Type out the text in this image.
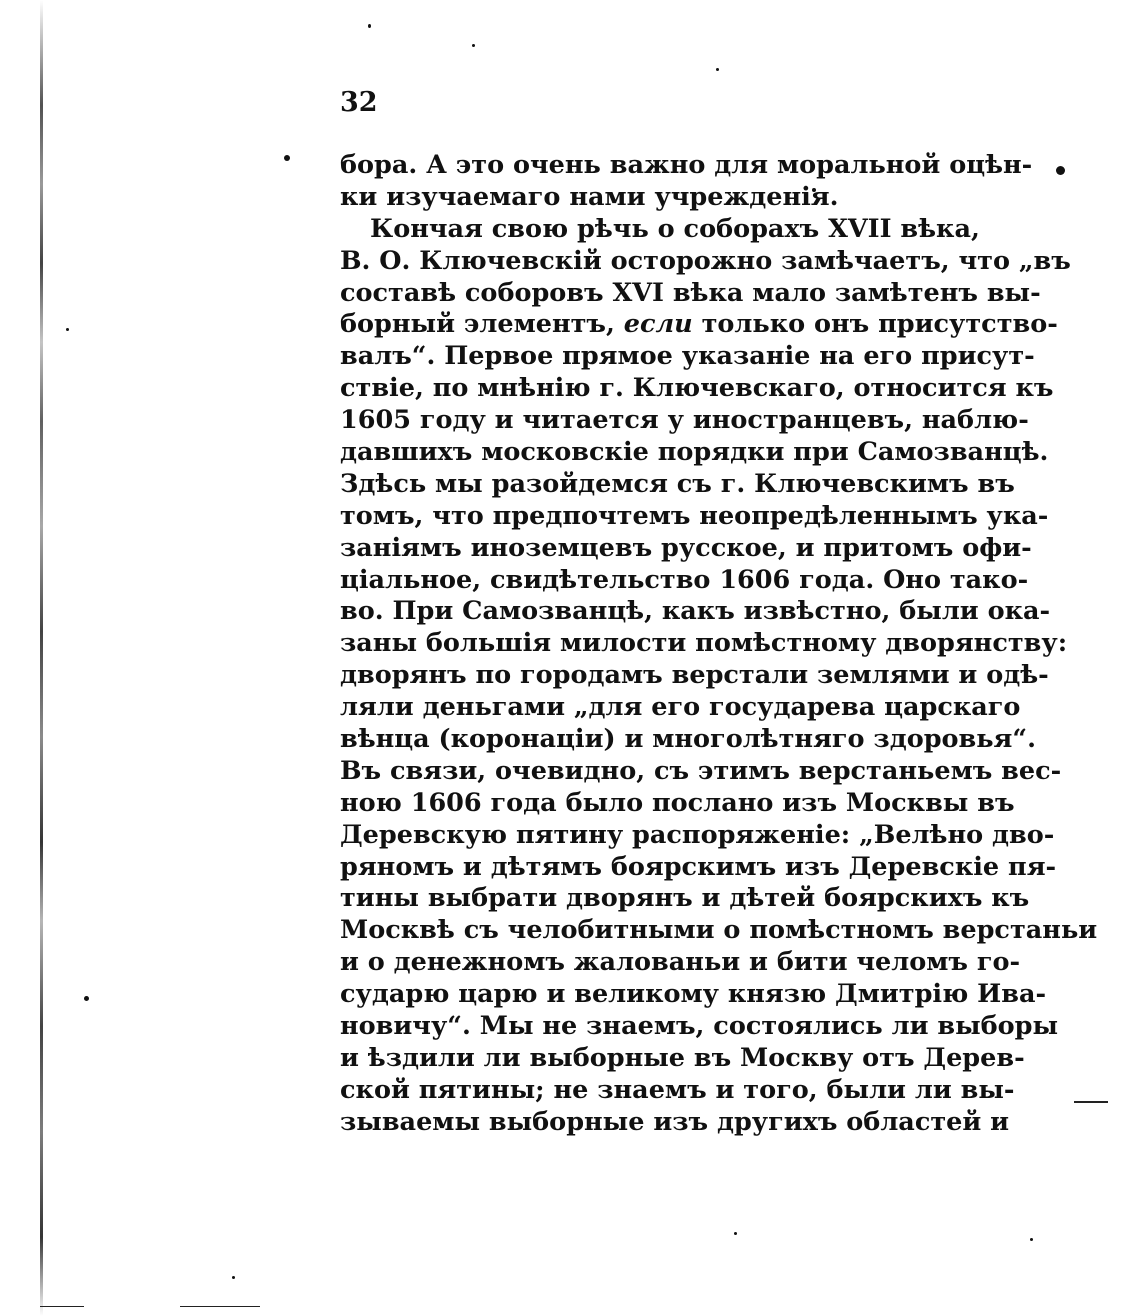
32
бора. А это очень важно для моральной оцѣн-
ки изучаемаго нами учрежденія.
Кончая свою рѣчь о соборахъ XVII вѣка,
В. О. Ключевскій осторожно замѣчаетъ, что „въ
составѣ соборовъ XVI вѣка мало замѣтенъ вы-
борный элементъ, если только онъ присутство-
валъ“. Первое прямое указаніе на его присут-
ствіе, по мнѣнію г. Ключевскаго, относится къ
1605 году и читается у иностранцевъ, наблю-
давшихъ московскіе порядки при Самозванцѣ.
Здѣсь мы разойдемся съ г. Ключевскимъ въ
томъ, что предпочтемъ неопредѣленнымъ ука-
заніямъ иноземцевъ русское, и притомъ офи-
ціальное, свидѣтельство 1606 года. Оно тако-
во. При Самозванцѣ, какъ извѣстно, были ока-
заны большія милости помѣстному дворянству:
дворянъ по городамъ верстали землями и одѣ-
ляли деньгами „для его государева царскаго
вѣнца (коронаціи) и многолѣтняго здоровья“.
Въ связи, очевидно, съ этимъ верстаньемъ вес-
ною 1606 года было послано изъ Москвы въ
Деревскую пятину распоряженіе: „Велѣно дво-
ряномъ и дѣтямъ боярскимъ изъ Деревскіе пя-
тины выбрати дворянъ и дѣтей боярскихъ къ
Москвѣ съ челобитными о помѣстномъ верстаньи
и о денежномъ жалованьи и бити челомъ го-
сударю царю и великому князю Дмитрію Ива-
новичу“. Мы не знаемъ, состоялись ли выборы
и ѣздили ли выборные въ Москву отъ Дерев-
ской пятины; не знаемъ и того, были ли вы-
зываемы выборные изъ другихъ областей и
